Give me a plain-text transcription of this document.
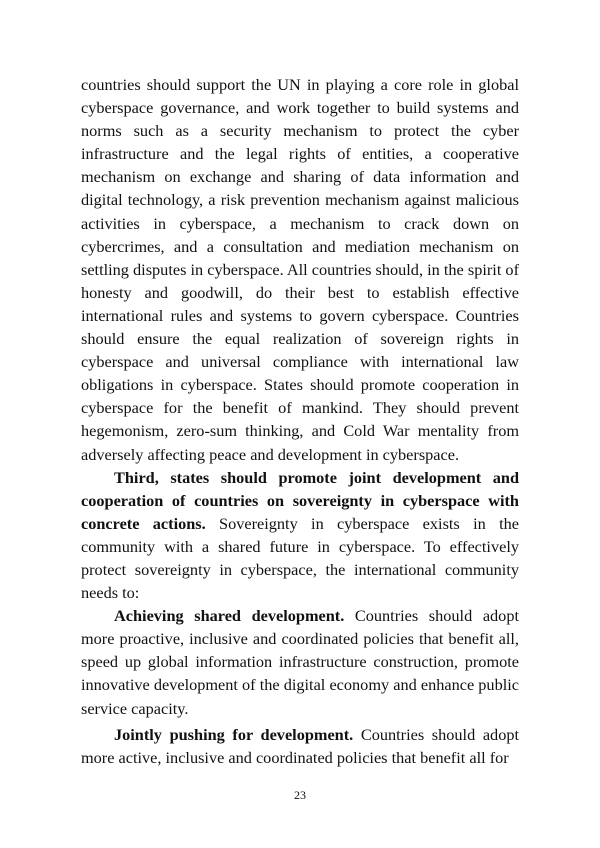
countries should support the UN in playing a core role in global cyberspace governance, and work together to build systems and norms such as a security mechanism to protect the cyber infrastructure and the legal rights of entities, a cooperative mechanism on exchange and sharing of data information and digital technology, a risk prevention mechanism against malicious activities in cyberspace, a mechanism to crack down on cybercrimes, and a consultation and mediation mechanism on settling disputes in cyberspace. All countries should, in the spirit of honesty and goodwill, do their best to establish effective international rules and systems to govern cyberspace. Countries should ensure the equal realization of sovereign rights in cyberspace and universal compliance with international law obligations in cyberspace. States should promote cooperation in cyberspace for the benefit of mankind. They should prevent hegemonism, zero-sum thinking, and Cold War mentality from adversely affecting peace and development in cyberspace.

Third, states should promote joint development and cooperation of countries on sovereignty in cyberspace with concrete actions. Sovereignty in cyberspace exists in the community with a shared future in cyberspace. To effectively protect sovereignty in cyberspace, the international community needs to:

Achieving shared development. Countries should adopt more proactive, inclusive and coordinated policies that benefit all, speed up global information infrastructure construction, promote innovative development of the digital economy and enhance public service capacity.

Jointly pushing for development. Countries should adopt more active, inclusive and coordinated policies that benefit all for

23
